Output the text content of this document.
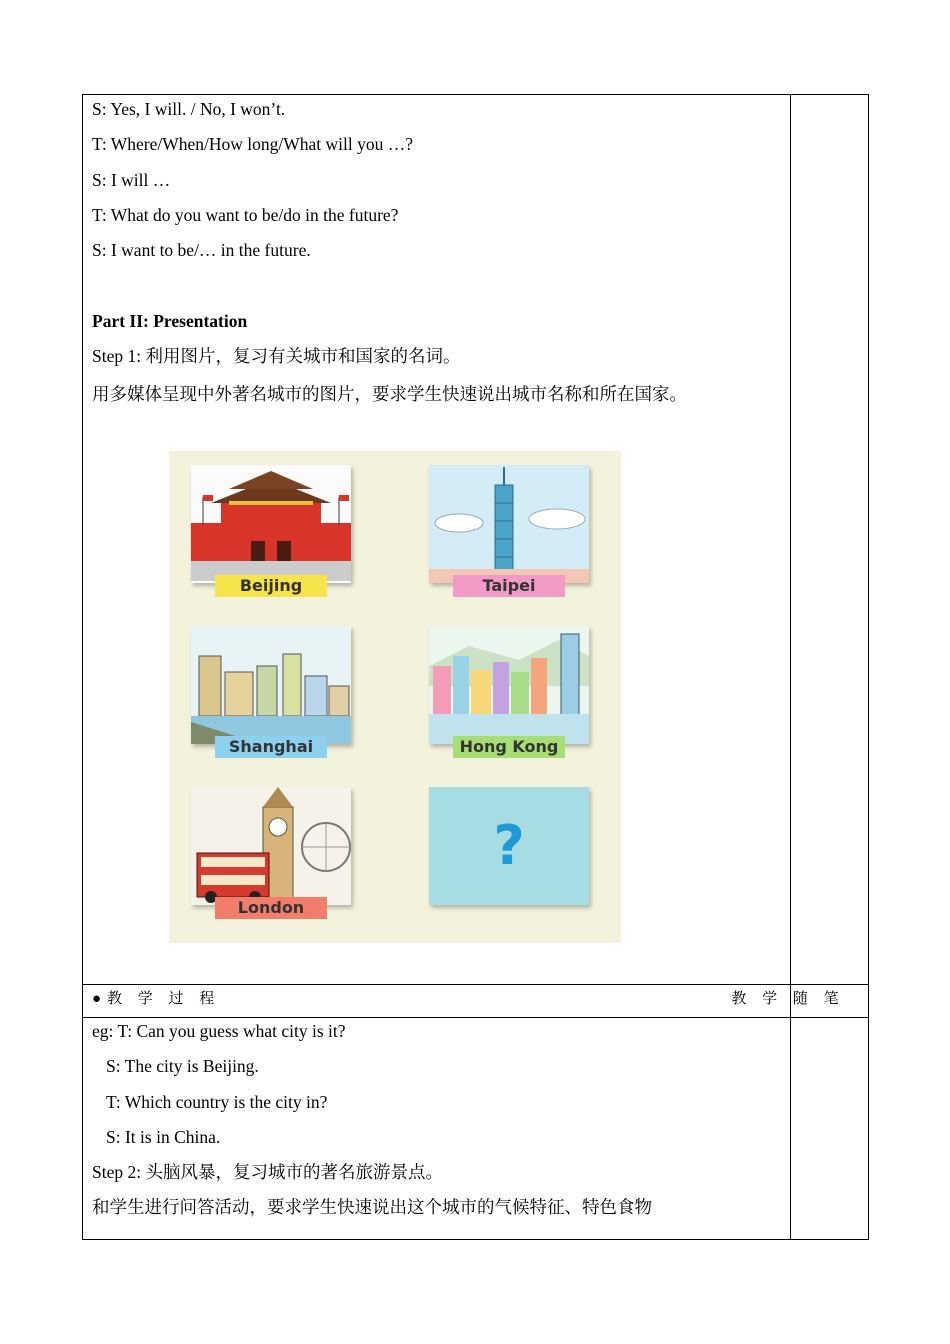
S: Yes, I will. / No, I won’t.
T: Where/When/How long/What will you …?
S: I will …
T: What do you want to be/do in the future?
S: I want to be/… in the future.
Part II: Presentation
Step 1: 利用图片，复习有关城市和国家的名词。
用多媒体呈现中外著名城市的图片，要求学生快速说出城市名称和所在国家。
Beijing	Taipei
Shanghai	Hong Kong
London
?
●教 学 过 程	教 学 随 笔
eg: T: Can you guess what city is it?
S: The city is Beijing.
T: Which country is the city in?
S: It is in China.
Step 2: 头脑风暴，复习城市的著名旅游景点。
和学生进行问答活动，要求学生快速说出这个城市的气候特征、特色食物
